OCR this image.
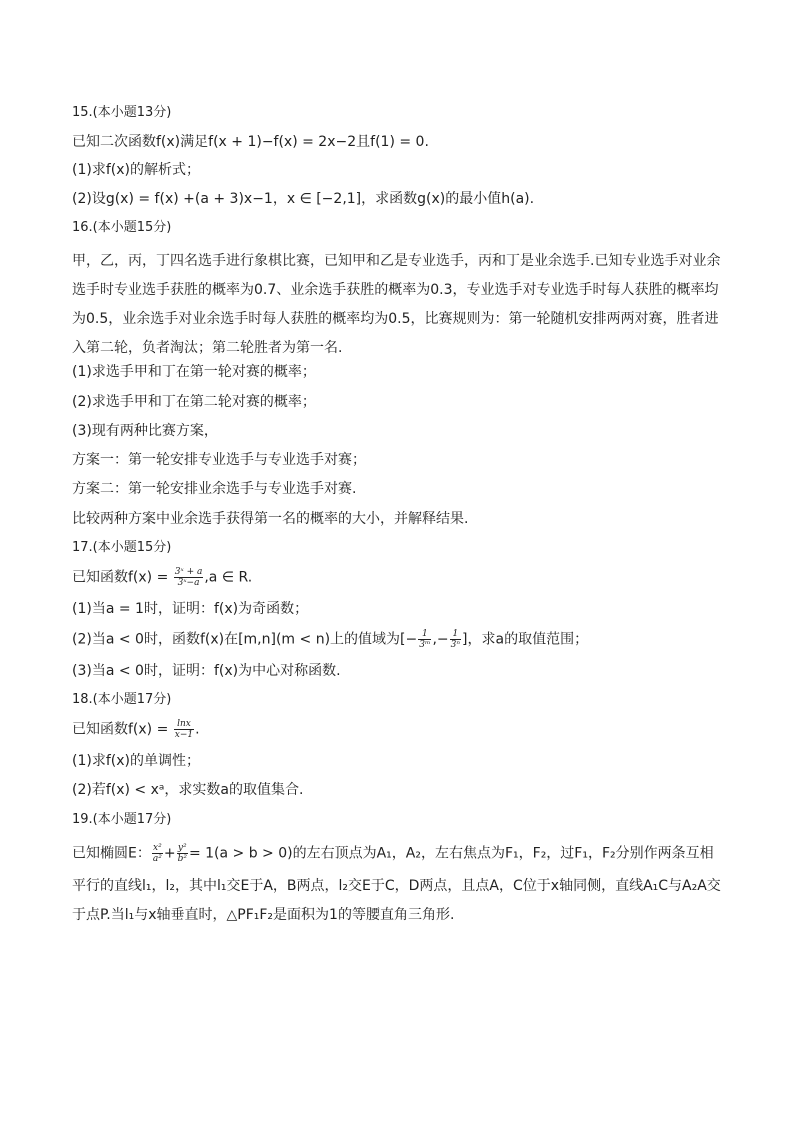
15.(本小题13分)
已知二次函数f(x)满足f(x + 1)−f(x) = 2x−2且f(1) = 0.
(1)求f(x)的解析式；
(2)设g(x) = f(x) +(a + 3)x−1，x ∈ [−2,1]，求函数g(x)的最小值h(a).
16.(本小题15分)
甲，乙，丙，丁四名选手进行象棋比赛，已知甲和乙是专业选手，丙和丁是业余选手.已知专业选手对业余选手时专业选手获胜的概率为0.7、业余选手获胜的概率为0.3，专业选手对专业选手时每人获胜的概率均为0.5，业余选手对业余选手时每人获胜的概率均为0.5，比赛规则为：第一轮随机安排两两对赛，胜者进入第二轮，负者淘汰；第二轮胜者为第一名.
(1)求选手甲和丁在第一轮对赛的概率；
(2)求选手甲和丁在第二轮对赛的概率；
(3)现有两种比赛方案，
方案一：第一轮安排专业选手与专业选手对赛；
方案二：第一轮安排业余选手与专业选手对赛.
比较两种方案中业余选手获得第一名的概率的大小，并解释结果.
17.(本小题15分)
已知函数$f(x) = \frac{\text{3ˣ + a}}{\text{3ˣ−a}} ,a$ ∈ R.
(1)当a = 1时，证明：f(x)为奇函数；
(2)当a < 0时，函数f(x)在[m,n](m < n)上的值域为[− $\frac{1}{\text{3ᵐ}}$ ,− $\frac{1}{\text{3ⁿ}}$ ]，求a的取值范围；
(3)当a < 0时，证明：f(x)为中心对称函数.
18.(本小题17分)
已知函数$f(x) = \frac{\ln x}{x-1}$ .
(1)求f(x)的单调性；
(2)若f(x) < xᵃ，求实数a的取值集合.
19.(本小题17分)
已知椭圆E： $\frac{\text{x²}}{\text{a²}} + \frac{\text{y²}}{\text{b²}} = 1(a > b > 0)$的左右顶点为A₁，A₂，左右焦点为F₁，F₂，过F₁，F₂分别作两条互相
平行的直线l₁，l₂，其中l₁交E于A，B两点，l₂交E于C，D两点，且点A，C位于x轴同侧，直线A₁C与A₂A交
于点P.当l₁与x轴垂直时，△PF₁F₂是面积为1的等腰直角三角形.
